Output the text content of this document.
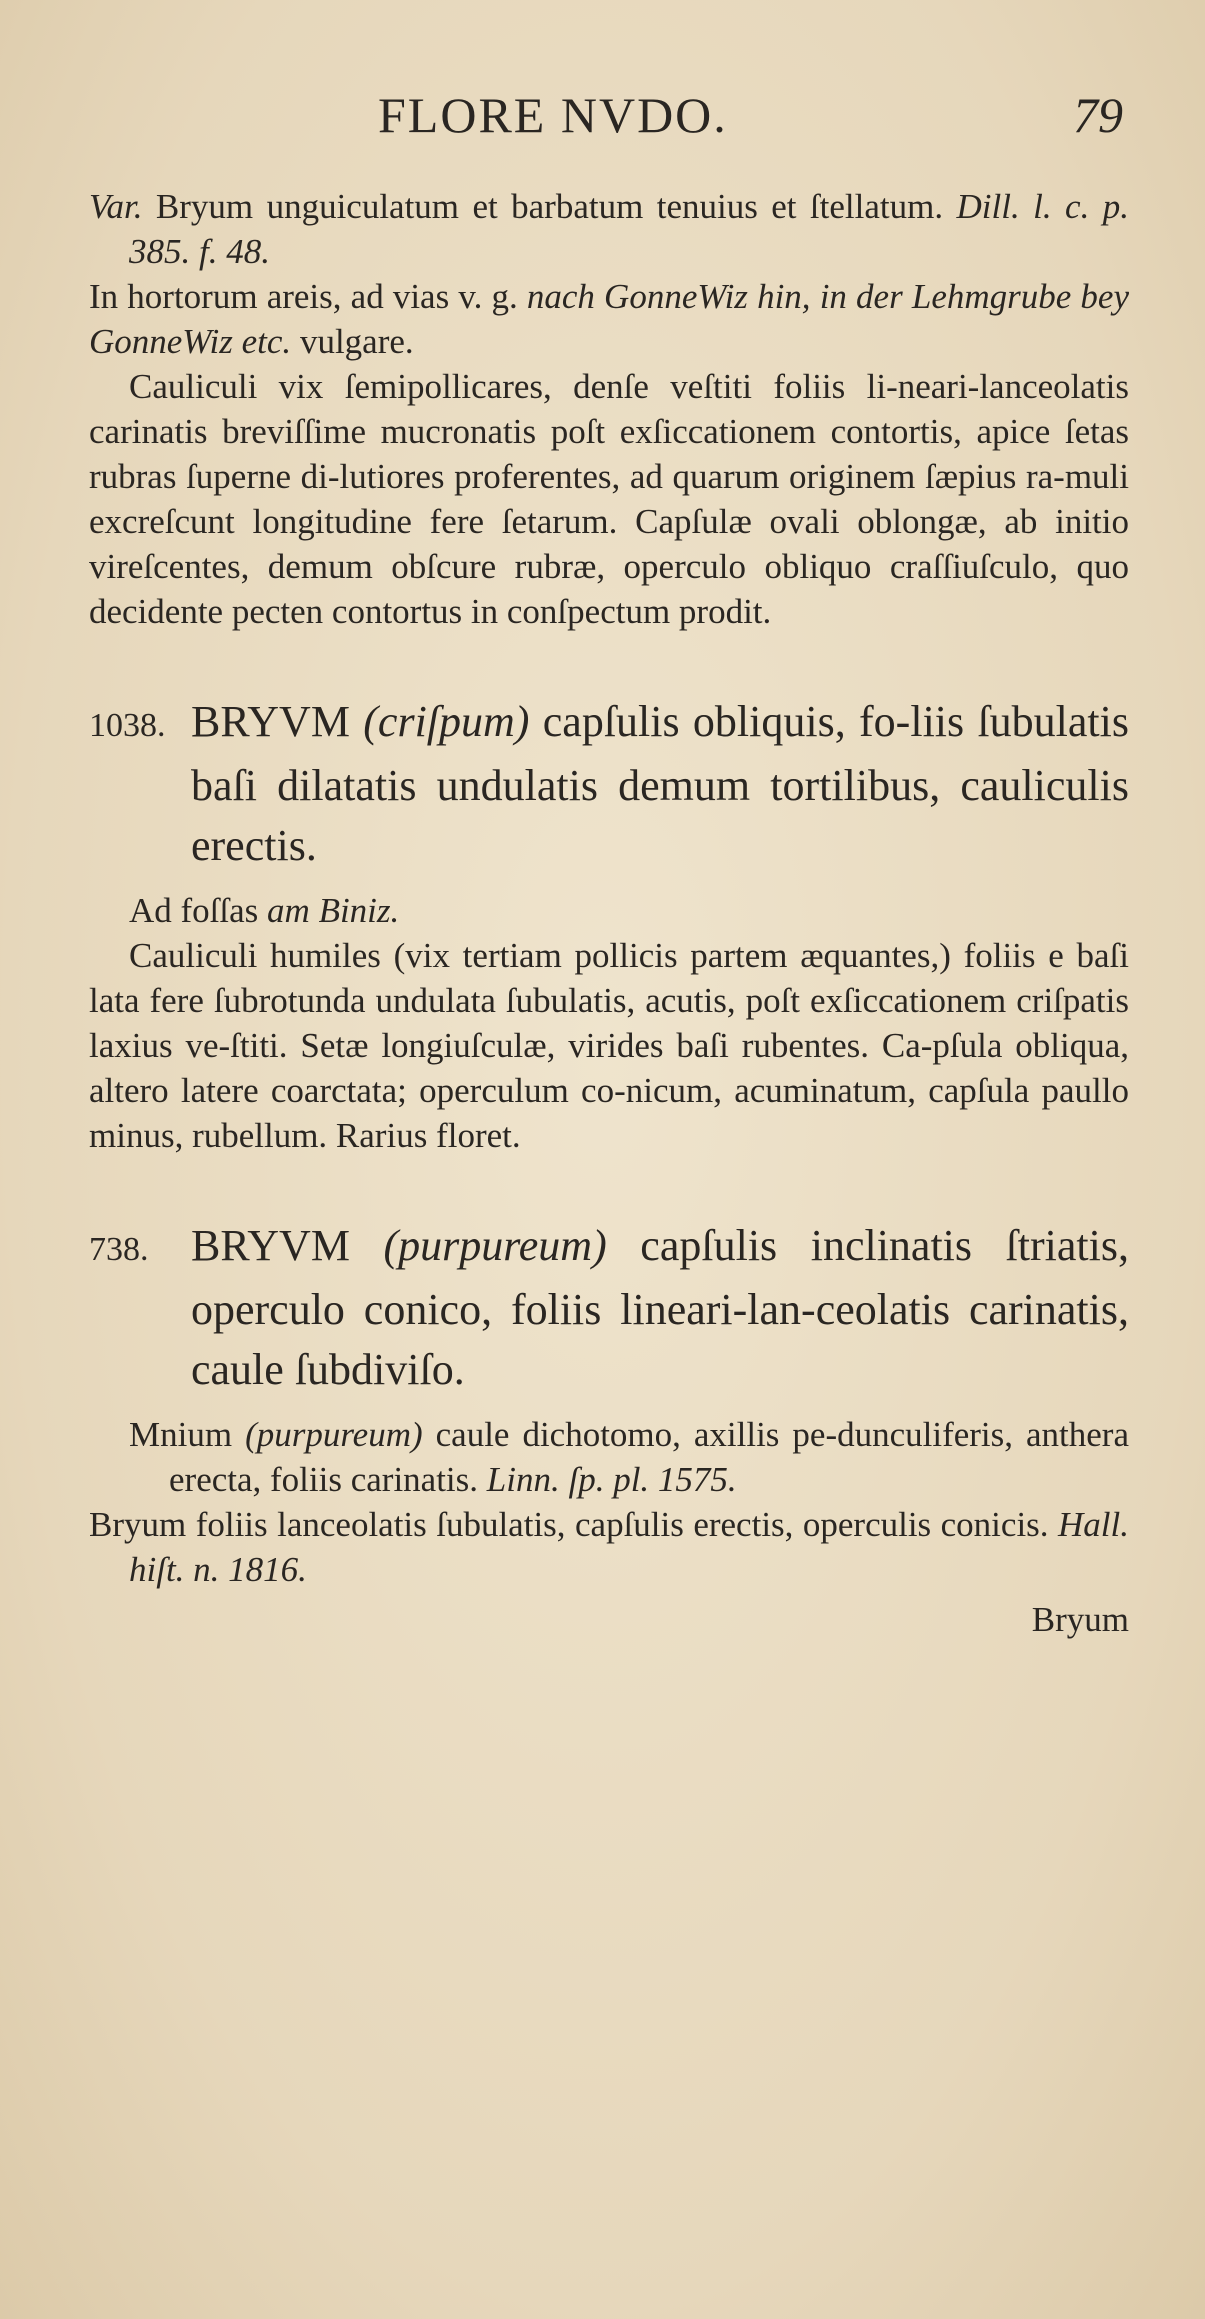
FLORE NVDO.	79

Var. Bryum unguiculatum et barbatum tenuius et ſtellatum. Dill. l. c. p. 385. f. 48.

In hortorum areis, ad vias v. g. nach GonneWiz hin, in der Lehmgrube bey GonneWiz etc. vulgare.

Cauliculi vix ſemipollicares, denſe veſtiti foliis li-neari-lanceolatis carinatis breviſſime mucronatis poſt exſiccationem contortis, apice ſetas rubras ſuperne di-lutiores proferentes, ad quarum originem ſæpius ra-muli excreſcunt longitudine fere ſetarum. Capſulæ ovali oblongæ, ab initio vireſcentes, demum obſcure rubræ, operculo obliquo craſſiuſculo, quo decidente pecten contortus in conſpectum prodit.

1038. BRYVM (criſpum) capſulis obliquis, fo-liis ſubulatis baſi dilatatis undulatis demum tortilibus, cauliculis erectis.

Ad foſſas am Biniz.

Cauliculi humiles (vix tertiam pollicis partem æquantes,) foliis e baſi lata fere ſubrotunda undulata ſubulatis, acutis, poſt exſiccationem criſpatis laxius ve-ſtiti. Setæ longiuſculæ, virides baſi rubentes. Ca-pſula obliqua, altero latere coarctata; operculum co-nicum, acuminatum, capſula paullo minus, rubellum. Rarius floret.

738. BRYVM (purpureum) capſulis inclinatis ſtriatis, operculo conico, foliis lineari-lan-ceolatis carinatis, caule ſubdiviſo.

Mnium (purpureum) caule dichotomo, axillis pe-dunculiferis, anthera erecta, foliis carinatis. Linn. ſp. pl. 1575.

Bryum foliis lanceolatis ſubulatis, capſulis erectis, operculis conicis. Hall. hiſt. n. 1816.

Bryum
